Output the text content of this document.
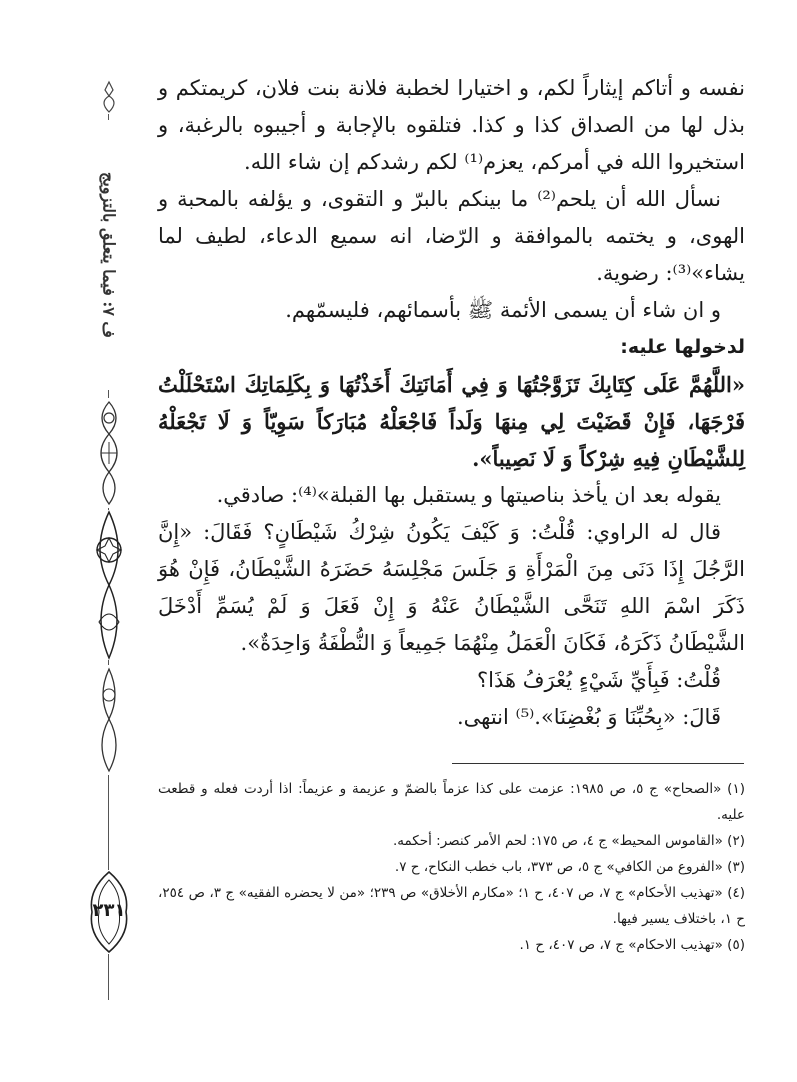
ف ٧: فيما يتعلق بالتزويج
٢٣١

نفسه و أتاكم إيثاراً لكم، و اختيارا لخطبة فلانة بنت فلان، كريمتكم و بذل لها من الصداق كذا و كذا. فتلقوه بالإجابة و أجيبوه بالرغبة، و استخيروا الله في أمركم، يعزم⁽¹⁾ لكم رشدكم إن شاء الله.

نسأل الله أن يلحم⁽²⁾ ما بينكم بالبرّ و التقوى، و يؤلفه بالمحبة و الهوى، و يختمه بالموافقة و الرّضا، انه سميع الدعاء، لطيف لما يشاء»⁽³⁾: رضوية.

و ان شاء أن يسمى الأئمة ﷺ بأسمائهم، فليسمّهم.

لدخولها عليه:

«اللَّهُمَّ عَلَى كِتَابِكَ تَزَوَّجْتُهَا وَ فِي أَمَانَتِكَ أَخَذْتُهَا وَ بِكَلِمَاتِكَ اسْتَحْلَلْتُ فَرْجَهَا، فَإِنْ قَضَيْتَ لِي مِنهَا وَلَداً فَاجْعَلْهُ مُبَارَكاً سَوِيّاً وَ لَا تَجْعَلْهُ لِلشَّيْطَانِ فِيهِ شِرْكاً وَ لَا نَصِيباً».

يقوله بعد ان يأخذ بناصيتها و يستقبل بها القبلة»⁽⁴⁾: صادقي.

قال له الراوي: قُلْتُ: وَ كَيْفَ يَكُونُ شِرْكُ شَيْطَانٍ؟ فَقَالَ: «إِنَّ الرَّجُلَ إِذَا دَنَى مِنَ الْمَرْأَةِ وَ جَلَسَ مَجْلِسَهُ حَضَرَهُ الشَّيْطَانُ، فَإِنْ هُوَ ذَكَرَ اسْمَ اللهِ تَنَحَّى الشَّيْطَانُ عَنْهُ وَ إِنْ فَعَلَ وَ لَمْ يُسَمِّ أَدْخَلَ الشَّيْطَانُ ذَكَرَهُ، فَكَانَ الْعَمَلُ مِنْهُمَا جَمِيعاً وَ النُّطْفَةُ وَاحِدَةٌ».

قُلْتُ: فَبِأَيِّ شَيْءٍ يُعْرَفُ هَذَا؟

قَالَ: «بِحُبِّنَا وَ بُغْضِنَا».⁽⁵⁾ انتهى.

(١) «الصحاح» ج ٥، ص ١٩٨٥: عزمت على كذا عزماً بالضمّ و عزيمة و عزيماً: اذا أردت فعله و قطعت عليه.

(٢) «القاموس المحيط» ج ٤، ص ١٧٥: لحم الأمر كنصر: أحكمه.

(٣) «الفروع من الكافي» ج ٥، ص ٣٧٣، باب خطب النكاح، ح ٧.

(٤) «تهذيب الأحكام» ج ٧، ص ٤٠٧، ح ١؛ «مكارم الأخلاق» ص ٢٣٩؛ «من لا يحضره الفقيه» ج ٣، ص ٢٥٤، ح ١، باختلاف يسير فيها.

(٥) «تهذيب الاحكام» ج ٧، ص ٤٠٧، ح ١.
